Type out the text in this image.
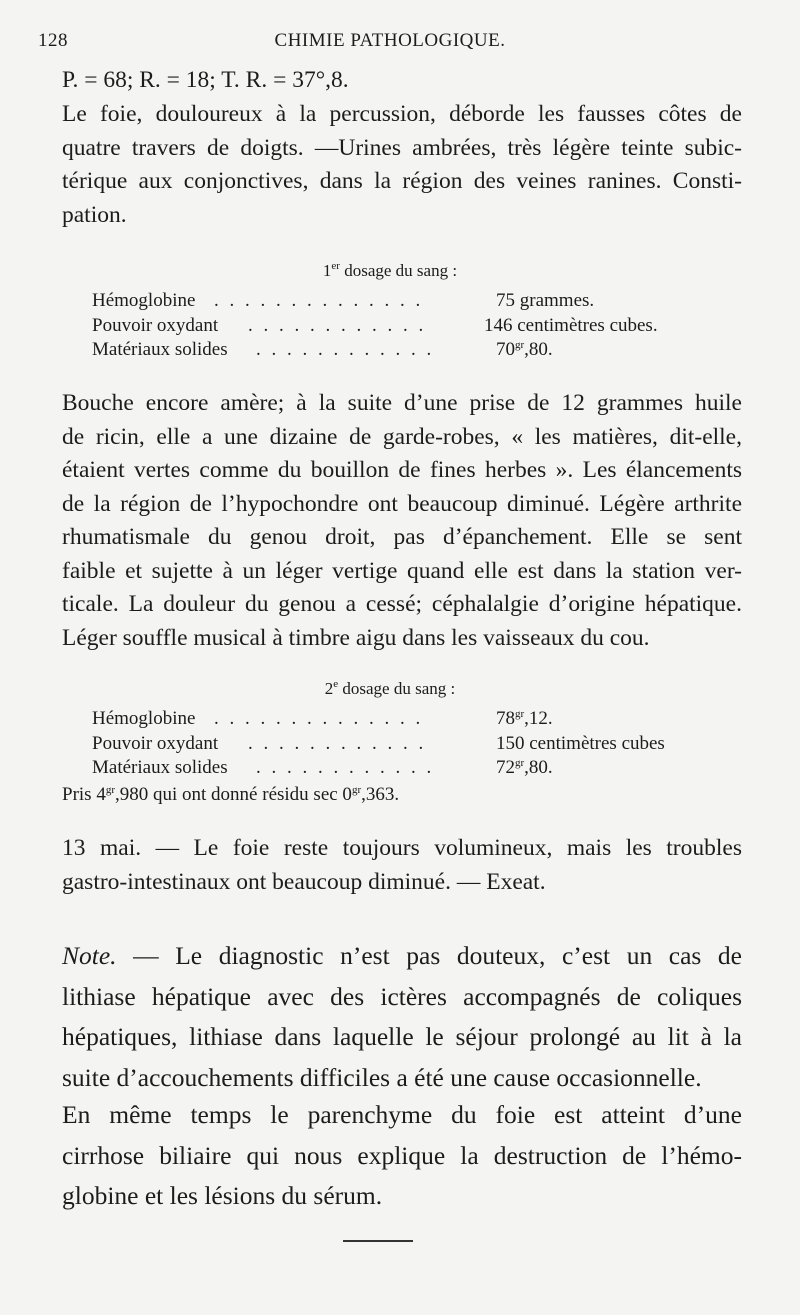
128	CHIMIE PATHOLOGIQUE.

P. = 68; R. = 18; T. R. = 37°,8.

Le foie, douloureux à la percussion, déborde les fausses côtes de
quatre travers de doigts. —Urines ambrées, très légère teinte subic-
térique aux conjonctives, dans la région des veines ranines. Consti-
pation.

1er dosage du sang :
Hémoglobine . . . . . . . . . . . . . .	75 grammes.
Pouvoir oxydant . . . . . . . . . . . .	146 centimètres cubes.
Matériaux solides . . . . . . . . . . . .	$70^{gr},80$.

Bouche encore amère; à la suite d’une prise de 12 grammes huile
de ricin, elle a une dizaine de garde-robes, « les matières, dit-elle,
étaient vertes comme du bouillon de fines herbes ». Les élancements
de la région de l’hypochondre ont beaucoup diminué. Légère arthrite
rhumatismale du genou droit, pas d’épanchement. Elle se sent
faible et sujette à un léger vertige quand elle est dans la station ver-
ticale. La douleur du genou a cessé; céphalalgie d’origine hépatique.
Léger souffle musical à timbre aigu dans les vaisseaux du cou.

2e dosage du sang :
Hémoglobine . . . . . . . . . . . . . .	$78^{gr},12$.
Pouvoir oxydant . . . . . . . . . . . .	150 centimètres cubes
Matériaux solides . . . . . . . . . . . .	$72^{gr},80$.
Pris $4^{gr},980$ qui ont donné résidu $\sec 0^{gr},363$.

13 mai. — Le foie reste toujours volumineux, mais les troubles
gastro-intestinaux ont beaucoup diminué. — Exeat.

Note. — Le diagnostic n’est pas douteux, c’est un cas de
lithiase hépatique avec des ictères accompagnés de coliques
hépatiques, lithiase dans laquelle le séjour prolongé au lit à la
suite d’accouchements difficiles a été une cause occasionnelle.

En même temps le parenchyme du foie est atteint d’une
cirrhose biliaire qui nous explique la destruction de l’hémo-
globine et les lésions du sérum.
